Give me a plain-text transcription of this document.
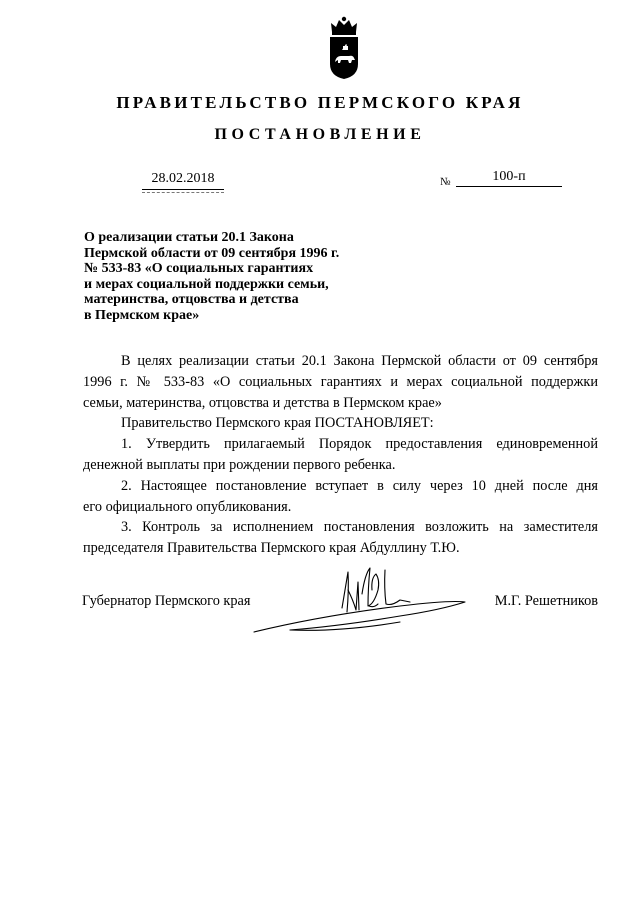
ПРАВИТЕЛЬСТВО ПЕРМСКОГО КРАЯ
ПОСТАНОВЛЕНИЕ
28.02.2018	№	100-п
О реализации статьи 20.1 Закона
Пермской области от 09 сентября 1996 г.
№ 533-83 «О социальных гарантиях
и мерах социальной поддержки семьи,
материнства, отцовства и детства
в Пермском крае»
В целях реализации статьи 20.1 Закона Пермской области от 09 сентября
1996 г. № 533-83 «О социальных гарантиях и мерах социальной поддержки
семьи, материнства, отцовства и детства в Пермском крае»
Правительство Пермского края ПОСТАНОВЛЯЕТ:
1. Утвердить прилагаемый Порядок предоставления единовременной
денежной выплаты при рождении первого ребенка.
2. Настоящее постановление вступает в силу через 10 дней после дня
его официального опубликования.
3. Контроль за исполнением постановления возложить на заместителя
председателя Правительства Пермского края Абдуллину Т.Ю.
Губернатор Пермского края	М.Г. Решетников
